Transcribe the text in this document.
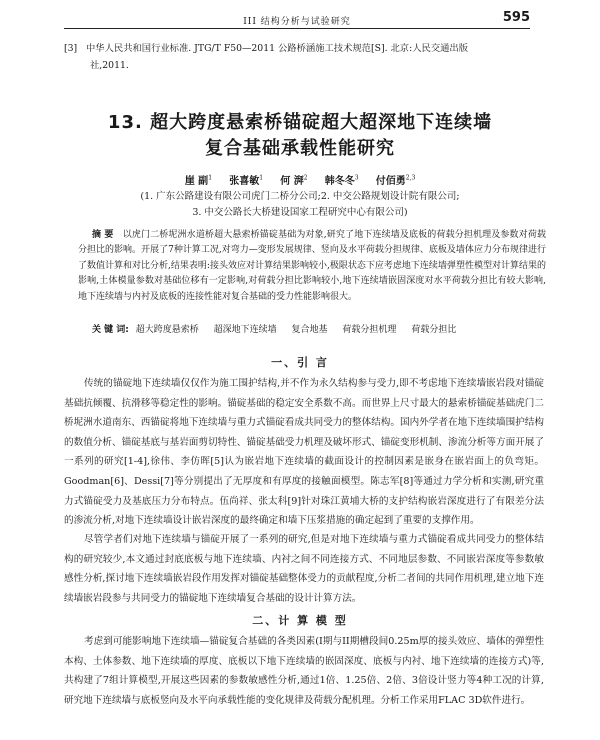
III 结构分析与试验研究	595
[3] 中华人民共和国行业标准. JTG/T F50—2011 公路桥涵施工技术规范[S]. 北京:人民交通出版
社,2011.
13. 超大跨度悬索桥锚碇超大超深地下连续墙
复合基础承载性能研究
崖 副$^1$ 张喜敏$^1$ 何 湃$^2$ 韩冬冬$^3$ 付佰勇$^{2,3}$
(1. 广东公路建设有限公司虎门二桥分公司;2. 中交公路规划设计院有限公司;
3. 中交公路长大桥建设国家工程研究中心有限公司)
摘 要　 以虎门二桥坭洲水道桥超大悬索桥锚碇基础为对象,研究了地下连续墙及底板的荷载分担机理及参数对荷载分担比的影响。开展了7种计算工况,对弯力—变形发展规律、竖向及水平荷载分担规律、底板及墙体应力分布规律进行了数值计算和对比分析,结果表明:接头效应对计算结果影响较小,极限状态下应考虑地下连续墙弹塑性模型对计算结果的影响,土体模量参数对基础位移有一定影响,对荷载分担比影响较小,地下连续墙嵌固深度对水平荷载分担比有较大影响,地下连续墙与内衬及底板的连接性能对复合基础的受力性能影响很大。
关 键 词: 超大跨度悬索桥 超深地下连续墙 复合地基 荷载分担机理 荷载分担比
一、引 言
传统的锚碇地下连续墙仅仅作为施工围护结构,并不作为永久结构参与受力,即不考虑地下连续墙嵌岩段对锚碇基础抗倾覆、抗滑移等稳定性的影响。锚碇基础的稳定安全系数不高。而世界上尺寸最大的悬索桥锚碇基础虎门二桥坭洲水道南东、西锚碇将地下连续墙与重力式锚碇看成共同受力的整体结构。国内外学者在地下连续墙围护结构的数值分析、锚碇基底与基岩面剪切特性、锚碇基础受力机理及破坏形式、锚碇变形机制、渗流分析等方面开展了一系列的研究[1-4],徐伟、李仿晖[5]认为嵌岩地下连续墙的截面设计的控制因素是嵌身在嵌岩面上的负弯矩。Goodman[6]、Dessi[7]等分别提出了无厚度和有厚度的接触面模型。陈志军[8]等通过力学分析和实测,研究重力式锚碇受力及基底压力分布特点。伍尚祥、张太科[9]针对珠江黄埔大桥的支护结构嵌岩深度进行了有限差分法的渗流分析,对地下连续墙设计嵌岩深度的最终确定和墙下压浆措施的确定起到了重要的支撑作用。
尽管学者们对地下连续墙与锚碇开展了一系列的研究,但是对地下连续墙与重力式锚碇看成共同受力的整体结构的研究较少,本文通过封底底板与地下连续墙、内衬之间不同连接方式、不同地层参数、不同嵌岩深度等参数敏感性分析,探讨地下连续墙嵌岩段作用发挥对锚碇基础整体受力的贡献程度,分析二者间的共同作用机理,建立地下连续墙嵌岩段参与共同受力的锚碇地下连续墙复合基础的设计计算方法。
二、计 算 模 型
考虑到可能影响地下连续墙—锚碇复合基础的各类因素(I期与II期槽段间0.25m厚的接头效应、墙体的弹塑性本构、土体参数、地下连续墙的厚度、底板以下地下连续墙的嵌固深度、底板与内衬、地下连续墙的连接方式)等,共构建了7组计算模型,开展这些因素的参数敏感性分析,通过1倍、1.25倍、2倍、3倍设计竖力等4种工况的计算,研究地下连续墙与底板竖向及水平向承载性能的变化规律及荷载分配机理。分析工作采用FLAC 3D软件进行。
